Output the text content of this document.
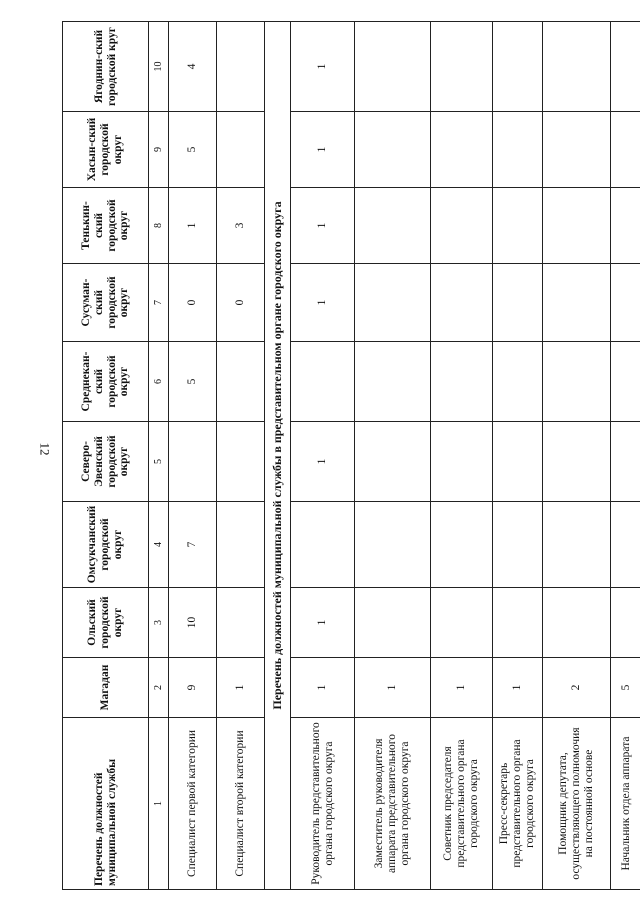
12
Перечень должностей муниципальной службы	Магадан	Ольский городской округ	Омсукчанский городской округ	Северо-Эвенский городской округ	Среднекан-ский городской округ	Сусуман-ский городской округ	Тенькин-ский городской округ	Хасын-ский городской округ	Ягоднин-ский городской круг
1	2	3	4	5	6	7	8	9	10
Специалист первой категории	9	10	7		5	0	1	5	4
Специалист второй категории	1					0	3		
Перечень должностей муниципальной службы в представительном органе городского округа									
Руководитель представительного органа городского округа	1	1		1		1	1	1	1
Заместитель руководителя аппарата представительного органа городского округа	1								
Советник председателя представительного органа городского округа	1								
Пресс-секретарь представительного органа городского округа	1								
Помощник депутата, осуществляющего полномочия на постоянной основе	2								
Начальник отдела аппарата	5								
